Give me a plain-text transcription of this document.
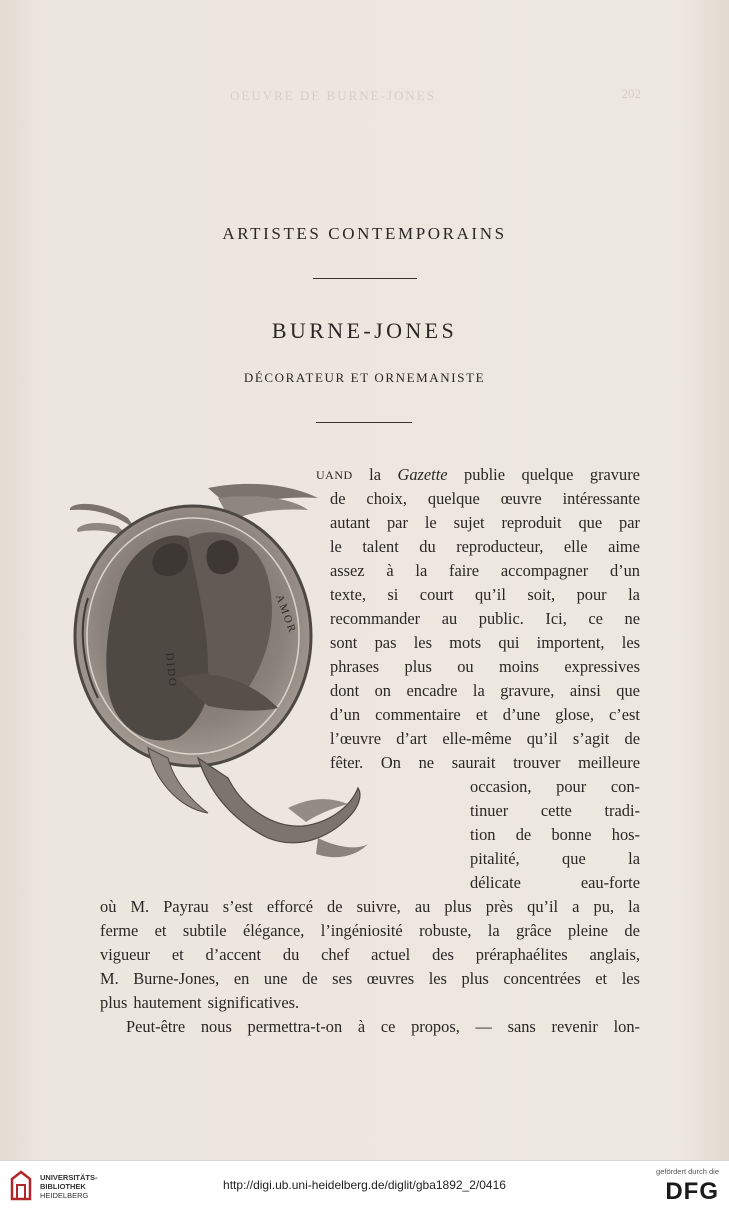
OEUVRE DE BURNE-JONES	202
ARTISTES CONTEMPORAINS
BURNE-JONES
DÉCORATEUR ET ORNEMANISTE
DIDO
AMOR
UAND la Gazette publie quelque gravure
de choix, quelque œuvre intéressante
autant par le sujet reproduit que par
le talent du reproducteur, elle aime
assez à la faire accompagner d’un
texte, si court qu’il soit, pour la
recommander au public. Ici, ce ne
sont pas les mots qui importent, les
phrases plus ou moins expressives
dont on encadre la gravure, ainsi que
d’un commentaire et d’une glose, c’est
l’œuvre d’art elle-même qu’il s’agit de
fêter. On ne saurait trouver meilleure
occasion, pour con-
tinuer cette tradi-
tion de bonne hos-
pitalité,	que	la
délicate	eau-forte
où M. Payrau s’est efforcé de suivre, au plus près qu’il a pu, la
ferme et subtile élégance, l’ingéniosité robuste, la grâce pleine de
vigueur et d’accent du chef actuel des préraphaélites anglais,
M. Burne-Jones, en une de ses œuvres les plus concentrées et les
plus hautement significatives.
Peut-être nous permettra-t-on à ce propos, — sans revenir lon-
UNIVERSITÄTS-
BIBLIOTHEK
HEIDELBERG
http://digi.ub.uni-heidelberg.de/diglit/gba1892_2/0416
gefördert durch die
DFG
